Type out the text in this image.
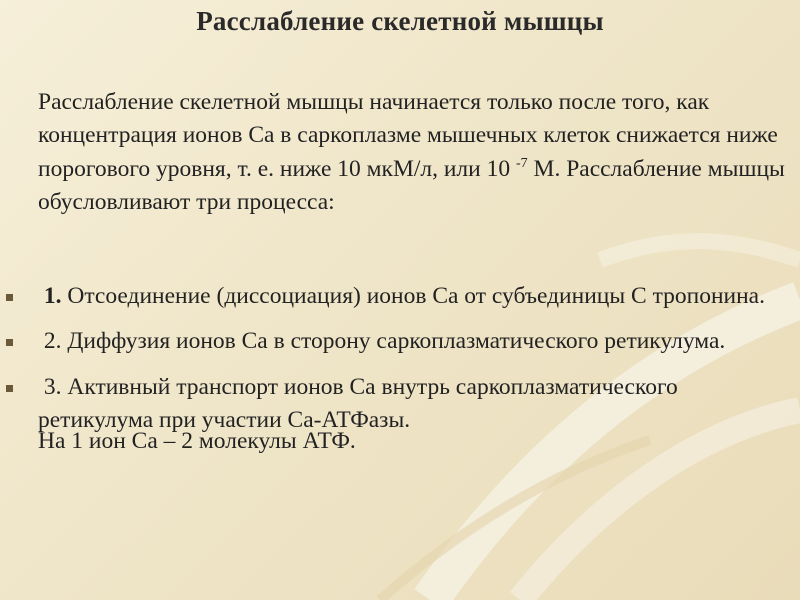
Расслабление скелетной мышцы
Расслабление скелетной мышцы начинается только после того, как концентрация ионов Са в саркоплазме мышечных клеток снижается ниже порогового уровня, т. е. ниже 10 мкМ/л, или 10 $^{-7}$ М. Расслабление мышцы обусловливают три процесса:
1. Отсоединение (диссоциация) ионов Са от субъединицы С тропонина.
2. Диффузия ионов Са в сторону саркоплазматического ретикулума.
3. Активный транспорт ионов Са внутрь саркоплазматического ретикулума при участии Са-АТФазы.
На 1 ион Са – 2 молекулы АТФ.
